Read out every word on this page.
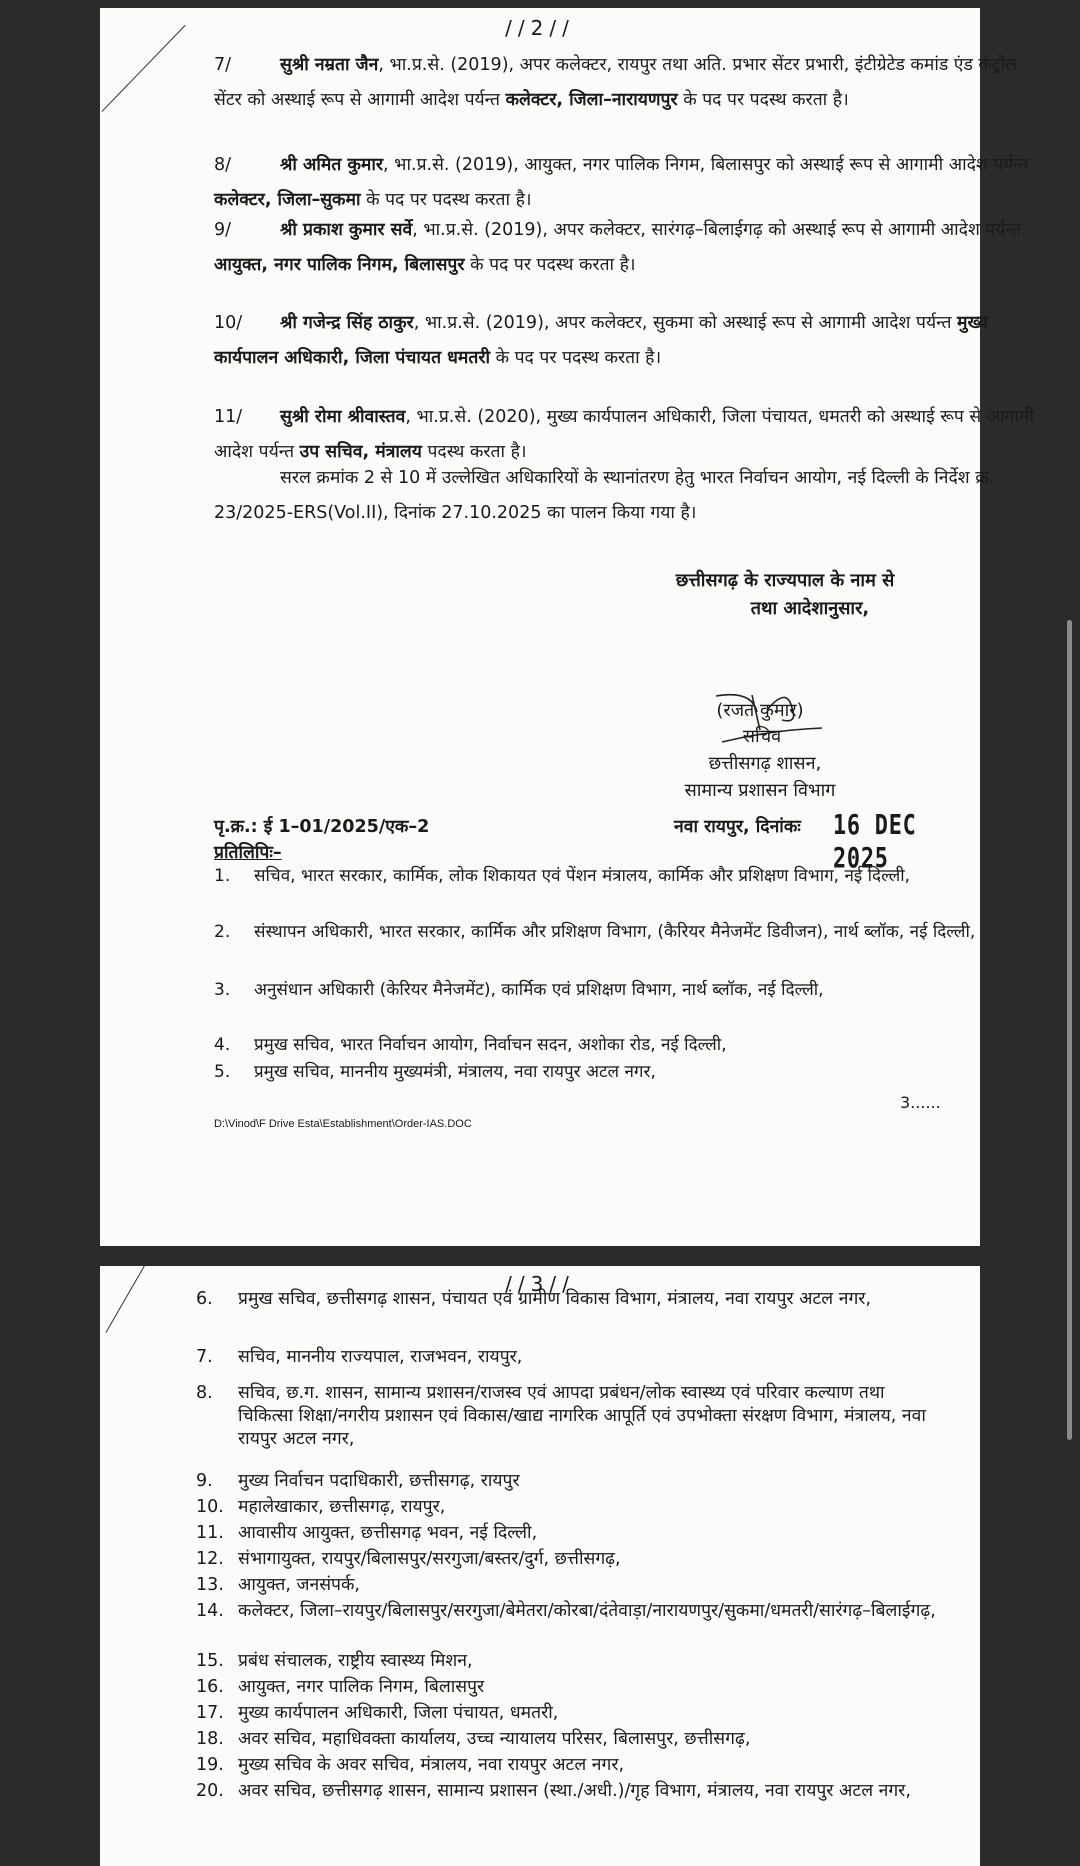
//2//
7/	सुश्री नम्रता जैन, भा.प्र.से. (2019), अपर कलेक्टर, रायपुर तथा अति. प्रभार सेंटर प्रभारी, इंटीग्रेटेड कमांड एंड कंट्रोल सेंटर को अस्थाई रूप से आगामी आदेश पर्यन्त कलेक्टर, जिला–नारायणपुर के पद पर पदस्थ करता है।
8/	श्री अमित कुमार, भा.प्र.से. (2019), आयुक्त, नगर पालिक निगम, बिलासपुर को अस्थाई रूप से आगामी आदेश पर्यन्त कलेक्टर, जिला–सुकमा के पद पर पदस्थ करता है।
9/	श्री प्रकाश कुमार सर्वे, भा.प्र.से. (2019), अपर कलेक्टर, सारंगढ़–बिलाईगढ़ को अस्थाई रूप से आगामी आदेश पर्यन्त आयुक्त, नगर पालिक निगम, बिलासपुर के पद पर पदस्थ करता है।
10/ श्री गजेन्द्र सिंह ठाकुर, भा.प्र.से. (2019), अपर कलेक्टर, सुकमा को अस्थाई रूप से आगामी आदेश पर्यन्त मुख्य कार्यपालन अधिकारी, जिला पंचायत धमतरी के पद पर पदस्थ करता है।
11/ सुश्री रोमा श्रीवास्तव, भा.प्र.से. (2020), मुख्य कार्यपालन अधिकारी, जिला पंचायत, धमतरी को अस्थाई रूप से आगामी आदेश पर्यन्त उप सचिव, मंत्रालय पदस्थ करता है।
सरल क्रमांक 2 से 10 में उल्लेखित अधिकारियों के स्थानांतरण हेतु भारत निर्वाचन आयोग, नई दिल्ली के निर्देश क्र. 23/2025-ERS(Vol.II), दिनांक 27.10.2025 का पालन किया गया है।
छत्तीसगढ़ के राज्यपाल के नाम से
तथा आदेशानुसार,
(रजत कुमार)
सचिव
छत्तीसगढ़ शासन,
सामान्य प्रशासन विभाग
पृ.क्र.: ई 1–01/2025/एक–2	नवा रायपुर, दिनांकः 16 DEC 2025
प्रतिलिपिः–
1. सचिव, भारत सरकार, कार्मिक, लोक शिकायत एवं पेंशन मंत्रालय, कार्मिक और प्रशिक्षण विभाग, नई दिल्ली,
2. संस्थापन अधिकारी, भारत सरकार, कार्मिक और प्रशिक्षण विभाग, (कैरियर मैनेजमेंट डिवीजन), नार्थ ब्लॉक, नई दिल्ली,
3. अनुसंधान अधिकारी (केरियर मैनेजमेंट), कार्मिक एवं प्रशिक्षण विभाग, नार्थ ब्लॉक, नई दिल्ली,
4. प्रमुख सचिव, भारत निर्वाचन आयोग, निर्वाचन सदन, अशोका रोड, नई दिल्ली,
5. प्रमुख सचिव, माननीय मुख्यमंत्री, मंत्रालय, नवा रायपुर अटल नगर,
3......
D:\Vinod\F Drive Esta\Establishment\Order-IAS.DOC
//3//
6. प्रमुख सचिव, छत्तीसगढ़ शासन, पंचायत एवं ग्रामीण विकास विभाग, मंत्रालय, नवा रायपुर अटल नगर,
7. सचिव, माननीय राज्यपाल, राजभवन, रायपुर,
8. सचिव, छ.ग. शासन, सामान्य प्रशासन/राजस्व एवं आपदा प्रबंधन/लोक स्वास्थ्य एवं परिवार कल्याण तथा चिकित्सा शिक्षा/नगरीय प्रशासन एवं विकास/खाद्य नागरिक आपूर्ति एवं उपभोक्ता संरक्षण विभाग, मंत्रालय, नवा रायपुर अटल नगर,
9. मुख्य निर्वाचन पदाधिकारी, छत्तीसगढ़, रायपुर
10. महालेखाकार, छत्तीसगढ़, रायपुर,
11. आवासीय आयुक्त, छत्तीसगढ़ भवन, नई दिल्ली,
12. संभागायुक्त, रायपुर/बिलासपुर/सरगुजा/बस्तर/दुर्ग, छत्तीसगढ़,
13. आयुक्त, जनसंपर्क,
14. कलेक्टर, जिला–रायपुर/बिलासपुर/सरगुजा/बेमेतरा/कोरबा/दंतेवाड़ा/नारायणपुर/सुकमा/धमतरी/सारंगढ़–बिलाईगढ़,
15. प्रबंध संचालक, राष्ट्रीय स्वास्थ्य मिशन,
16. आयुक्त, नगर पालिक निगम, बिलासपुर
17. मुख्य कार्यपालन अधिकारी, जिला पंचायत, धमतरी,
18. अवर सचिव, महाधिवक्ता कार्यालय, उच्च न्यायालय परिसर, बिलासपुर, छत्तीसगढ़,
19. मुख्य सचिव के अवर सचिव, मंत्रालय, नवा रायपुर अटल नगर,
20. अवर सचिव, छत्तीसगढ़ शासन, सामान्य प्रशासन (स्था./अधी.)/गृह विभाग, मंत्रालय, नवा रायपुर अटल नगर,
